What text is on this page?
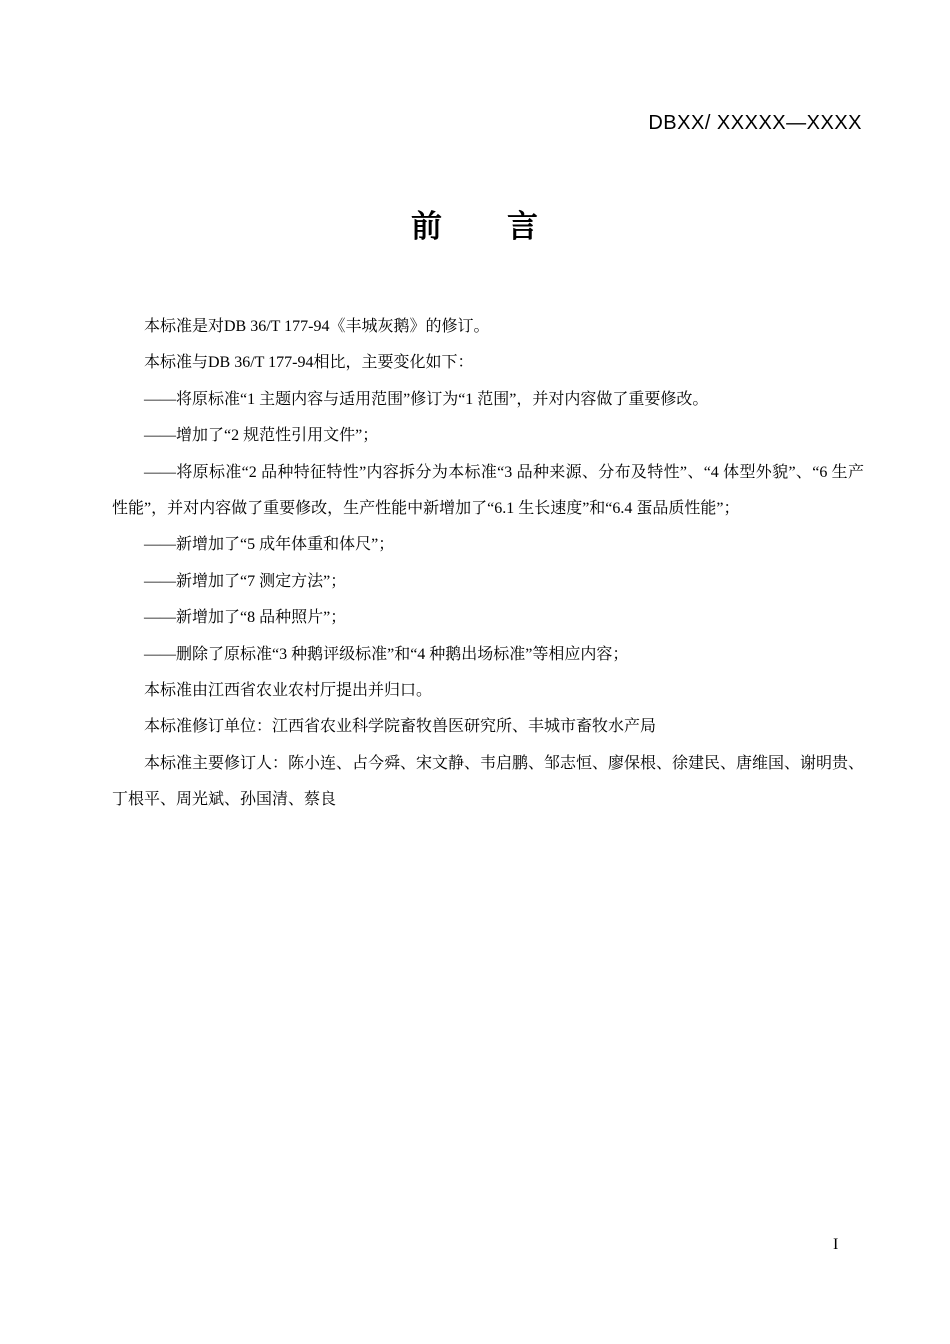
DBXX/ XXXXX—XXXX
前　　言

本标准是对DB 36/T 177-94《丰城灰鹅》的修订。

本标准与DB 36/T 177-94相比，主要变化如下：

——将原标准“1 主题内容与适用范围”修订为“1 范围”，并对内容做了重要修改。

——增加了“2 规范性引用文件”；

——将原标准“2 品种特征特性”内容拆分为本标准“3 品种来源、分布及特性”、“4 体型外貌”、“6 生产性能”，并对内容做了重要修改，生产性能中新增加了“6.1 生长速度”和“6.4 蛋品质性能”；

——新增加了“5 成年体重和体尺”；

——新增加了“7 测定方法”；

——新增加了“8 品种照片”；

——删除了原标准“3 种鹅评级标准”和“4 种鹅出场标准”等相应内容；

本标准由江西省农业农村厅提出并归口。

本标准修订单位：江西省农业科学院畜牧兽医研究所、丰城市畜牧水产局

本标准主要修订人：陈小连、占今舜、宋文静、韦启鹏、邹志恒、廖保根、徐建民、唐维国、谢明贵、丁根平、周光斌、孙国清、蔡良

I
